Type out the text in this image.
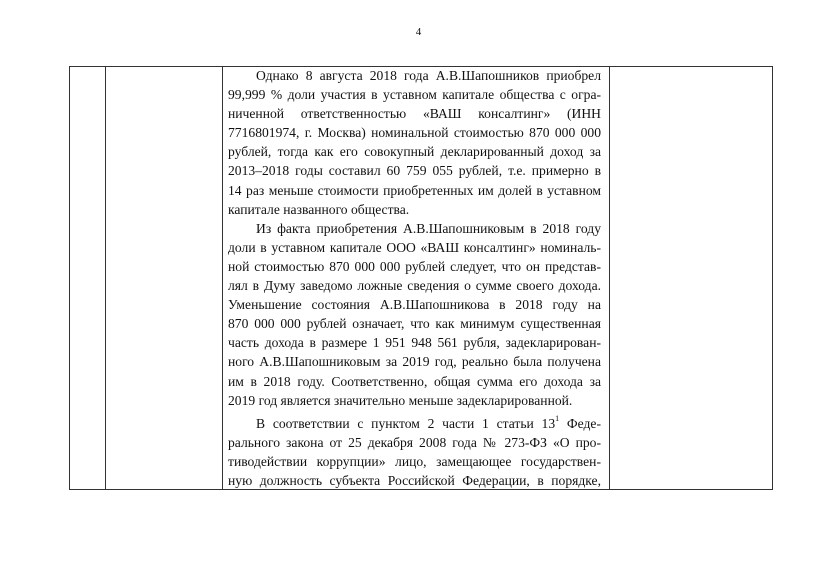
4
Однако 8 августа 2018 года А.В.Шапошников приобрел
99,999 % доли участия в уставном капитале общества с огра-
ниченной ответственностью «ВАШ консалтинг» (ИНН
7716801974, г. Москва) номинальной стоимостью 870 000 000
рублей, тогда как его совокупный декларированный доход за
2013–2018 годы составил 60 759 055 рублей, т.е. примерно в
14 раз меньше стоимости приобретенных им долей в уставном
капитале названного общества.
Из факта приобретения А.В.Шапошниковым в 2018 году
доли в уставном капитале ООО «ВАШ консалтинг» номиналь-
ной стоимостью 870 000 000 рублей следует, что он представ-
лял в Думу заведомо ложные сведения о сумме своего дохода.
Уменьшение состояния А.В.Шапошникова в 2018 году на
870 000 000 рублей означает, что как минимум существенная
часть дохода в размере 1 951 948 561 рубля, задекларирован-
ного А.В.Шапошниковым за 2019 год, реально была получена
им в 2018 году. Соответственно, общая сумма его дохода за
2019 год является значительно меньше задекларированной.
В соответствии с пунктом 2 части 1 статьи $13^1$ Феде-
рального закона от 25 декабря 2008 года № 273-ФЗ «О про-
тиводействии коррупции» лицо, замещающее государствен-
ную должность субъекта Российской Федерации, в порядке,
